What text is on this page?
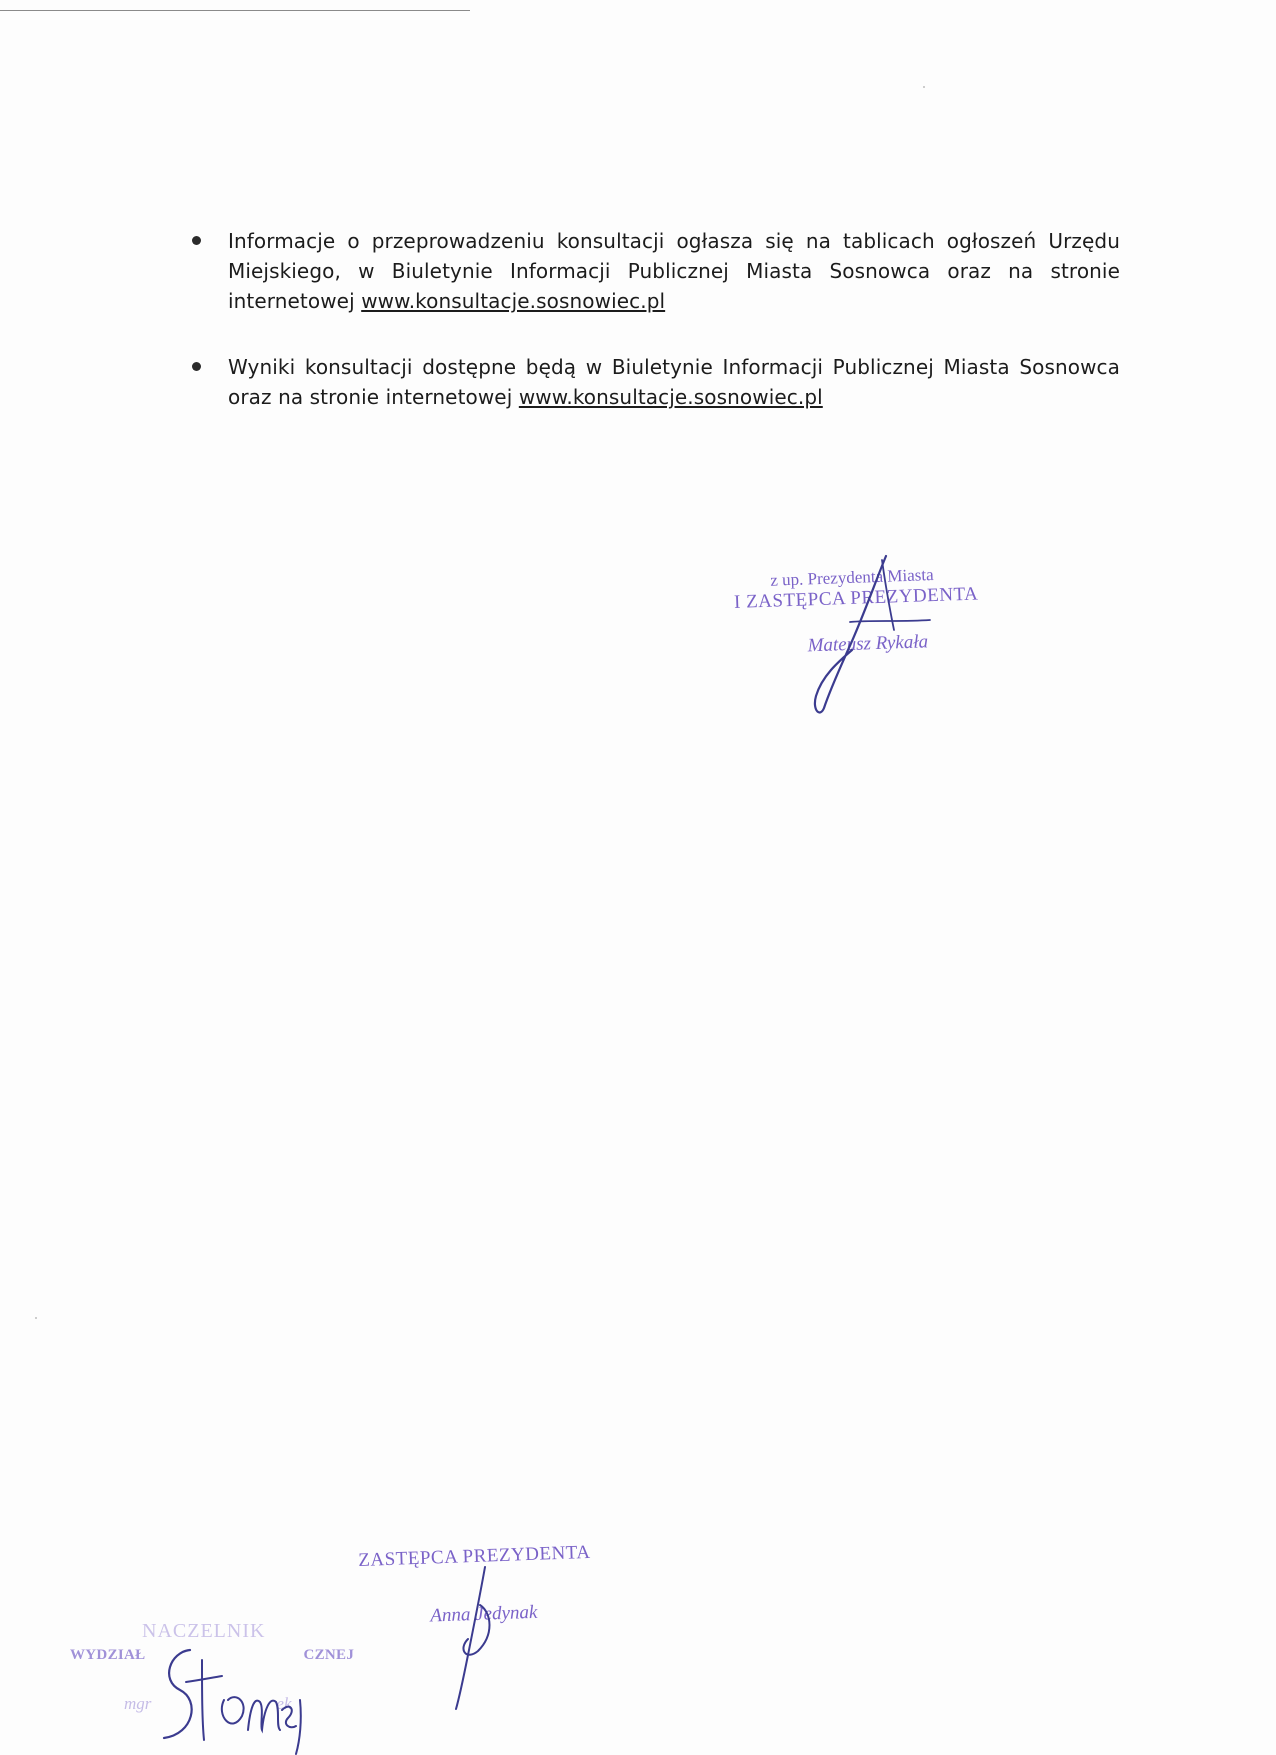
Informacje o przeprowadzeniu konsultacji ogłasza się na tablicach ogłoszeń Urzędu Miejskiego, w Biuletynie Informacji Publicznej Miasta Sosnowca oraz na stronie internetowej www.konsultacje.sosnowiec.pl
Wyniki konsultacji dostępne będą w Biuletynie Informacji Publicznej Miasta Sosnowca oraz na stronie internetowej www.konsultacje.sosnowiec.pl
z up. Prezydenta Miasta
I ZASTĘPCA PREZYDENTA
Mateusz Rykała
ZASTĘPCA PREZYDENTA
Anna Jedynak
NACZELNIK
WYDZIAŁ	CZNEJ
mgr	ek
